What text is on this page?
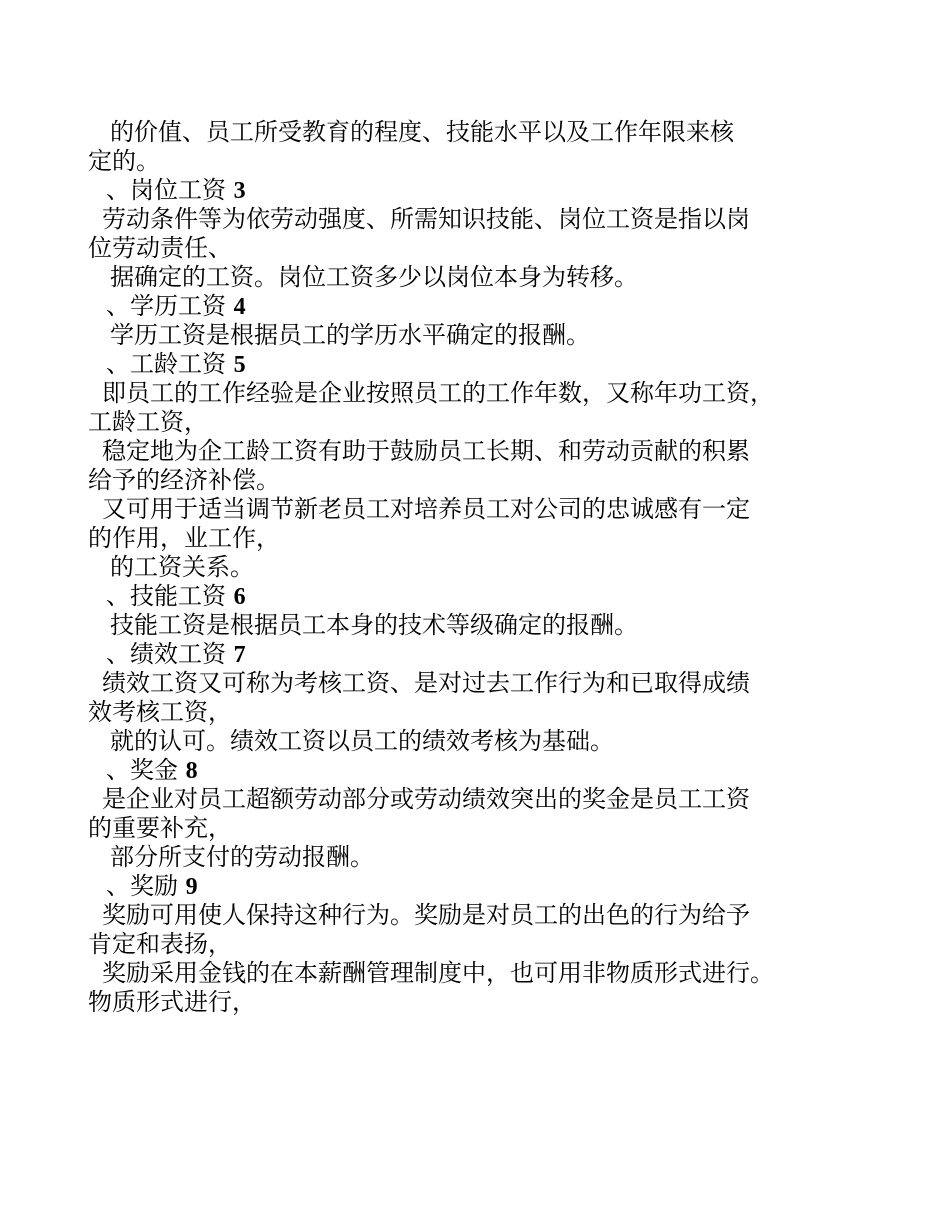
的价值、员工所受教育的程度、技能水平以及工作年限来核
定的。
、岗位工资 3
劳动条件等为依劳动强度、所需知识技能、岗位工资是指以岗
位劳动责任、
据确定的工资。岗位工资多少以岗位本身为转移。
、学历工资 4
学历工资是根据员工的学历水平确定的报酬。
、工龄工资 5
即员工的工作经验是企业按照员工的工作年数，又称年功工资，
工龄工资，
稳定地为企工龄工资有助于鼓励员工长期、和劳动贡献的积累
给予的经济补偿。
又可用于适当调节新老员工对培养员工对公司的忠诚感有一定
的作用，业工作，
的工资关系。
、技能工资 6
技能工资是根据员工本身的技术等级确定的报酬。
、绩效工资 7
绩效工资又可称为考核工资、是对过去工作行为和已取得成绩
效考核工资，
就的认可。绩效工资以员工的绩效考核为基础。
、奖金 8
是企业对员工超额劳动部分或劳动绩效突出的奖金是员工工资
的重要补充，
部分所支付的劳动报酬。
、奖励 9
奖励可用使人保持这种行为。奖励是对员工的出色的行为给予
肯定和表扬，
奖励采用金钱的在本薪酬管理制度中，也可用非物质形式进行。
物质形式进行，
